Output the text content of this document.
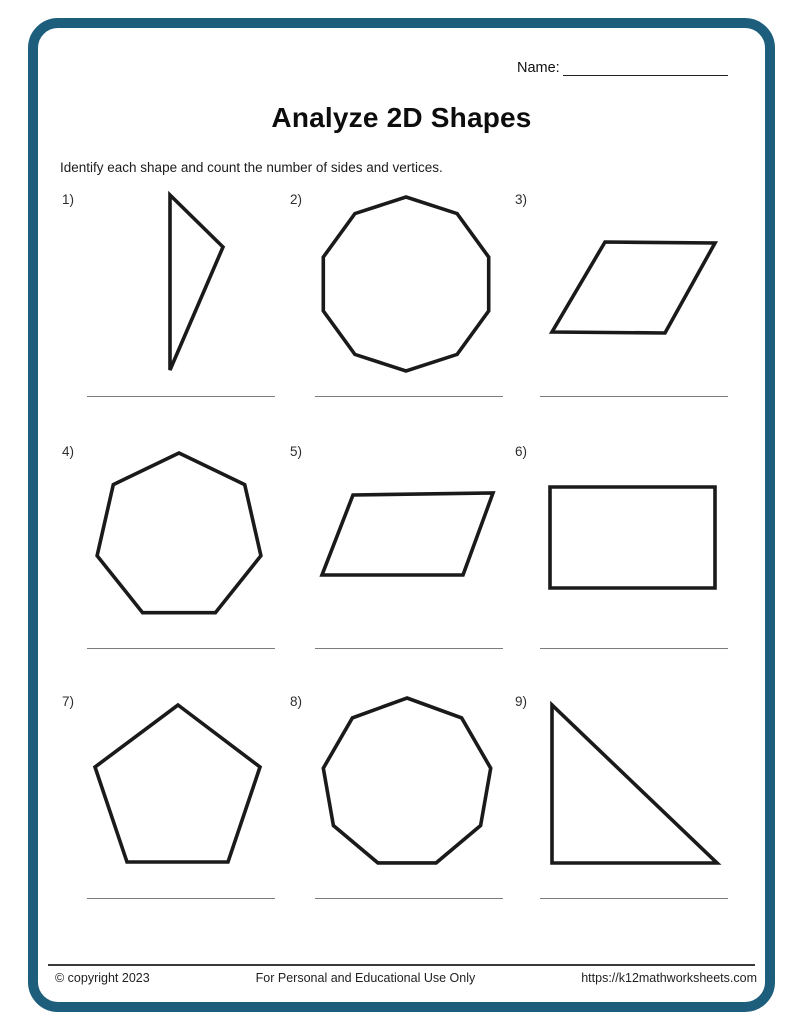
Name:
Analyze 2D Shapes
Identify each shape and count the number of sides and vertices.
1)	2)	3)
4)	5)	6)
7)	8)	9)
© copyright 2023	For Personal and Educational Use Only	https://k12mathworksheets.com
